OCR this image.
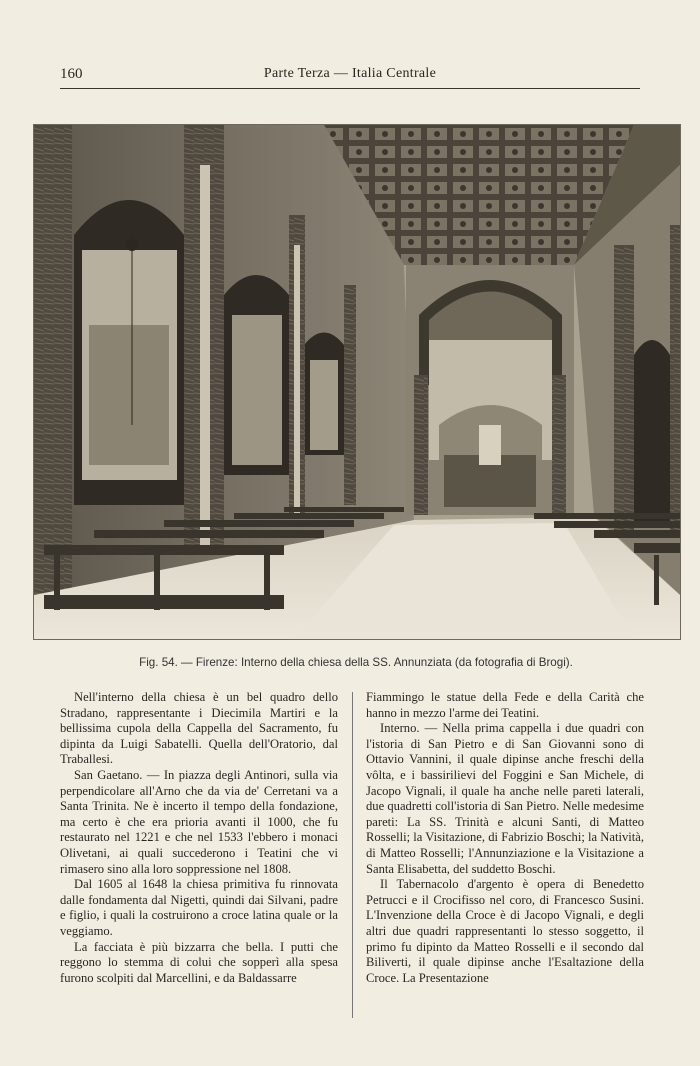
160	Parte Terza — Italia Centrale
Fig. 54. — Firenze: Interno della chiesa della SS. Annunziata (da fotografia di Brogi).

Nell'interno della chiesa è un bel quadro dello Stradano, rappresentante i Diecimila Martiri e la bellissima cupola della Cappella del Sacramento, fu dipinta da Luigi Sabatelli. Quella dell'Oratorio, dal Traballesi.

San Gaetano. — In piazza degli Antinori, sulla via perpendicolare all'Arno che da via de' Cerretani va a Santa Trinita. Ne è incerto il tempo della fondazione, ma certo è che era prioria avanti il 1000, che fu restaurato nel 1221 e che nel 1533 l'ebbero i monaci Olivetani, ai quali succederono i Teatini che vi rimasero sino alla loro soppressione nel 1808.

Dal 1605 al 1648 la chiesa primitiva fu rinnovata dalle fondamenta dal Nigetti, quindi dai Silvani, padre e figlio, i quali la costruirono a croce latina quale or la veggiamo.

La facciata è più bizzarra che bella. I putti che reggono lo stemma di colui che sopperì alla spesa furono scolpiti dal Marcellini, e da Baldassarre

Fiammingo le statue della Fede e della Carità che hanno in mezzo l'arme dei Teatini.

Interno. — Nella prima cappella i due quadri con l'istoria di San Pietro e di San Giovanni sono di Ottavio Vannini, il quale dipinse anche freschi della vôlta, e i bassirilievi del Foggini e San Michele, di Jacopo Vignali, il quale ha anche nelle pareti laterali, due quadretti coll'istoria di San Pietro. Nelle medesime pareti: La SS. Trinità e alcuni Santi, di Matteo Rosselli; la Visitazione, di Fabrizio Boschi; la Natività, di Matteo Rosselli; l'Annunziazione e la Visitazione a Santa Elisabetta, del suddetto Boschi.

Il Tabernacolo d'argento è opera di Benedetto Petrucci e il Crocifisso nel coro, di Francesco Susini. L'Invenzione della Croce è di Jacopo Vignali, e degli altri due quadri rappresentanti lo stesso soggetto, il primo fu dipinto da Matteo Rosselli e il secondo dal Biliverti, il quale dipinse anche l'Esaltazione della Croce. La Presentazione
